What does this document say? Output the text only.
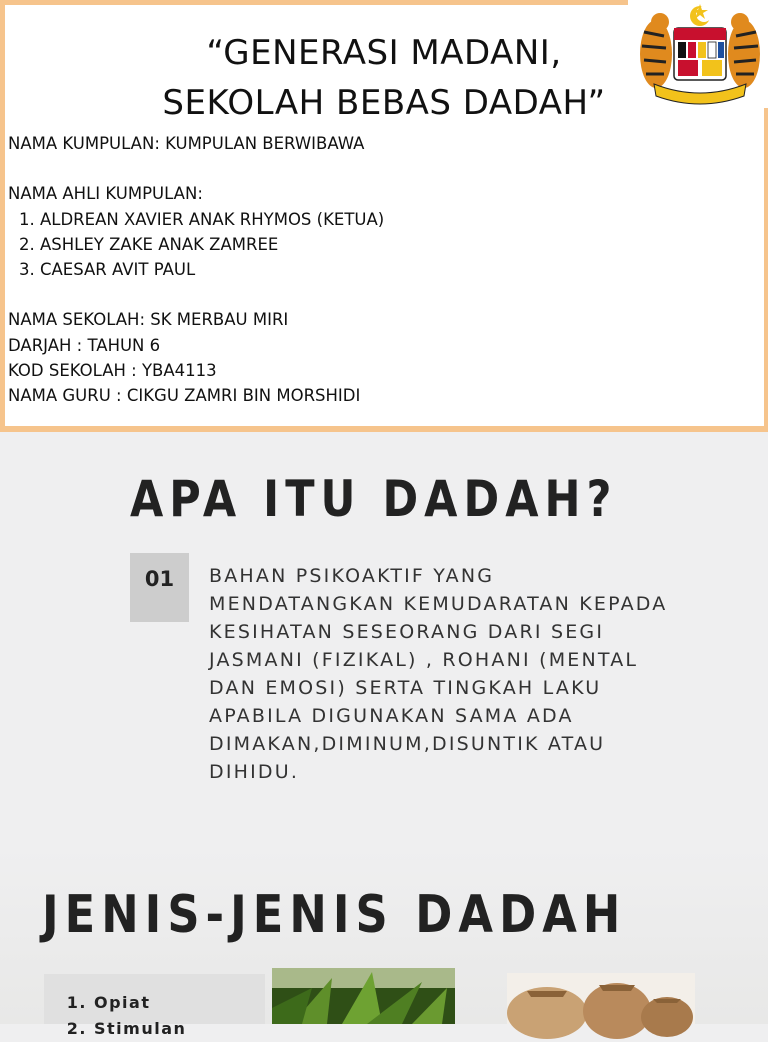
“GENERASI MADANI,
SEKOLAH BEBAS DADAH”
NAMA KUMPULAN: KUMPULAN BERWIBAWA
NAMA AHLI KUMPULAN:
1. ALDREAN XAVIER ANAK RHYMOS (KETUA)
2. ASHLEY ZAKE ANAK ZAMREE
3. CAESAR AVIT PAUL
NAMA SEKOLAH: SK MERBAU MIRI
DARJAH : TAHUN 6
KOD SEKOLAH : YBA4113
NAMA GURU : CIKGU ZAMRI BIN MORSHIDI
APA ITU DADAH?
01	BAHAN PSIKOAKTIF YANG MENDATANGKAN KEMUDARATAN KEPADA KESIHATAN SESEORANG DARI SEGI JASMANI (FIZIKAL) , ROHANI (MENTAL DAN EMOSI) SERTA TINGKAH LAKU APABILA DIGUNAKAN SAMA ADA DIMAKAN,DIMINUM,DISUNTIK ATAU DIHIDU.
JENIS-JENIS DADAH
1. Opiat
2. Stimulan
